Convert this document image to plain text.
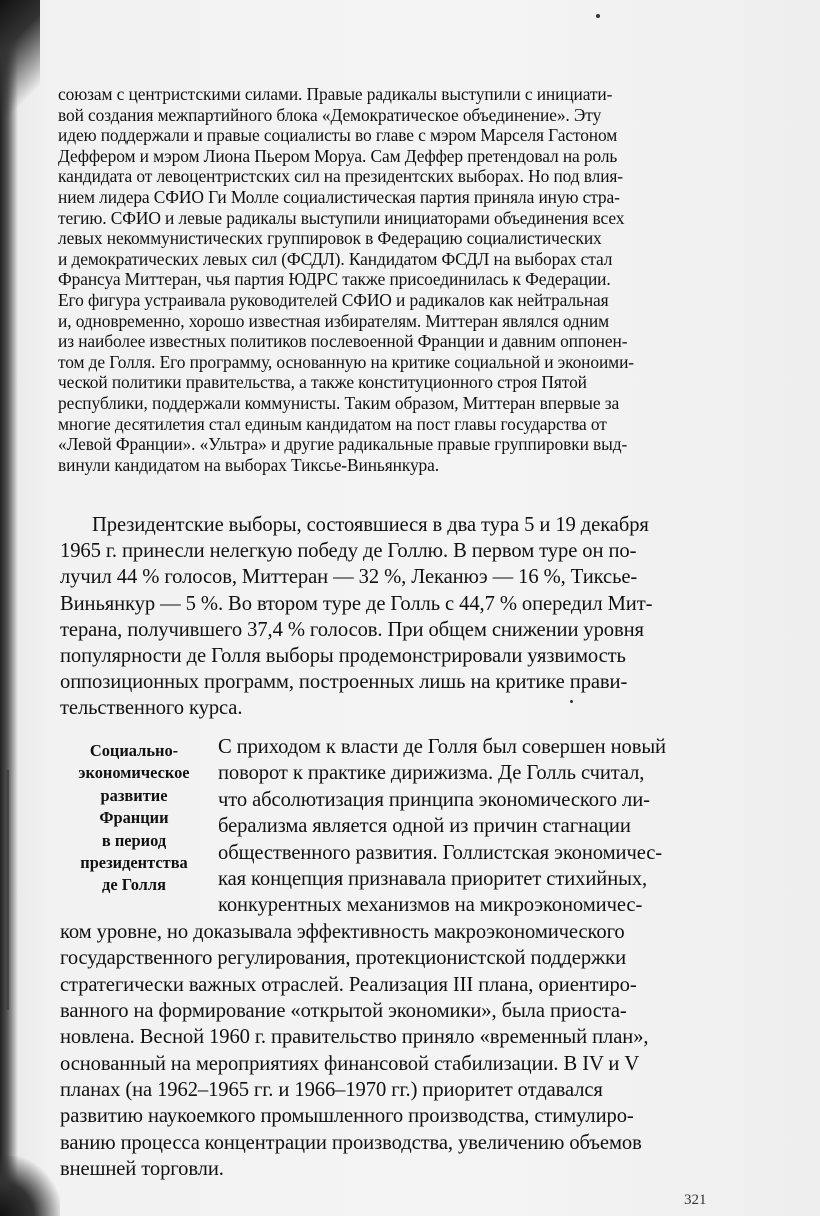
союзам с центристскими силами. Правые радикалы выступили с инициати-
вой создания межпартийного блока «Демократическое объединение». Эту
идею поддержали и правые социалисты во главе с мэром Марселя Гастоном
Деффером и мэром Лиона Пьером Моруа. Сам Деффер претендовал на роль
кандидата от левоцентристских сил на президентских выборах. Но под влия-
нием лидера СФИО Ги Молле социалистическая партия приняла иную стра-
тегию. СФИО и левые радикалы выступили инициаторами объединения всех
левых некоммунистических группировок в Федерацию социалистических
и демократических левых сил (ФСДЛ). Кандидатом ФСДЛ на выборах стал
Франсуа Миттеран, чья партия ЮДРС также присоединилась к Федерации.
Его фигура устраивала руководителей СФИО и радикалов как нейтральная
и, одновременно, хорошо известная избирателям. Миттеран являлся одним
из наиболее известных политиков послевоенной Франции и давним оппонен-
том де Голля. Его программу, основанную на критике социальной и эконоими-
ческой политики правительства, а также конституционного строя Пятой
республики, поддержали коммунисты. Таким образом, Миттеран впервые за
многие десятилетия стал единым кандидатом на пост главы государства от
«Левой Франции». «Ультра» и другие радикальные правые группировки выд-
винули кандидатом на выборах Тиксье-Виньянкура.
Президентские выборы, состоявшиеся в два тура 5 и 19 декабря
1965 г. принесли нелегкую победу де Голлю. В первом туре он по-
лучил 44 % голосов, Миттеран — 32 %, Леканюэ — 16 %, Тиксье-
Виньянкур — 5 %. Во втором туре де Голль с 44,7 % опередил Мит-
терана, получившего 37,4 % голосов. При общем снижении уровня
популярности де Голля выборы продемонстрировали уязвимость
оппозиционных программ, построенных лишь на критике прави-
тельственного курса.
Социально-
экономическое
развитие
Франции
в период
президентства
де Голля
С приходом к власти де Голля был совершен новый
поворот к практике дирижизма. Де Голль считал,
что абсолютизация принципа экономического ли-
берализма является одной из причин стагнации
общественного развития. Голлистская экономичес-
кая концепция признавала приоритет стихийных,
конкурентных механизмов на микроэкономичес-
ком уровне, но доказывала эффективность макроэкономического
государственного регулирования, протекционистской поддержки
стратегически важных отраслей. Реализация III плана, ориентиро-
ванного на формирование «открытой экономики», была приоста-
новлена. Весной 1960 г. правительство приняло «временный план»,
основанный на мероприятиях финансовой стабилизации. В IV и V
планах (на 1962–1965 гг. и 1966–1970 гг.) приоритет отдавался
развитию наукоемкого промышленного производства, стимулиро-
ванию процесса концентрации производства, увеличению объемов
внешней торговли.
321
